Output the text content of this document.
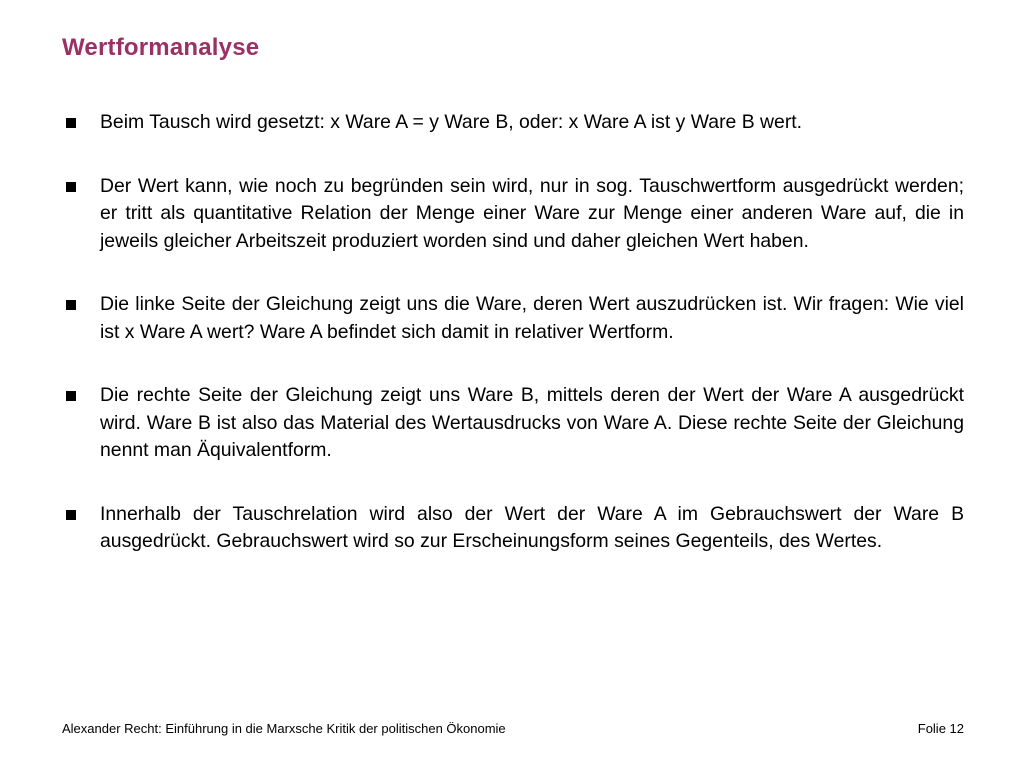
Wertformanalyse
Beim Tausch wird gesetzt: x Ware A = y Ware B, oder: x Ware A ist y Ware B wert.
Der Wert kann, wie noch zu begründen sein wird, nur in sog. Tauschwertform ausgedrückt werden; er tritt als quantitative Relation der Menge einer Ware zur Menge einer anderen Ware auf, die in jeweils gleicher Arbeitszeit produziert worden sind und daher gleichen Wert haben.
Die linke Seite der Gleichung zeigt uns die Ware, deren Wert auszudrücken ist. Wir fragen: Wie viel ist x Ware A wert? Ware A befindet sich damit in relativer Wertform.
Die rechte Seite der Gleichung zeigt uns Ware B, mittels deren der Wert der Ware A ausgedrückt wird. Ware B ist also das Material des Wertausdrucks von Ware A. Diese rechte Seite der Gleichung nennt man Äquivalentform.
Innerhalb der Tauschrelation wird also der Wert der Ware A im Gebrauchswert der Ware B ausgedrückt. Gebrauchswert wird so zur Erscheinungsform seines Gegenteils, des Wertes.
Alexander Recht: Einführung in die Marxsche Kritik der politischen Ökonomie	Folie 12
